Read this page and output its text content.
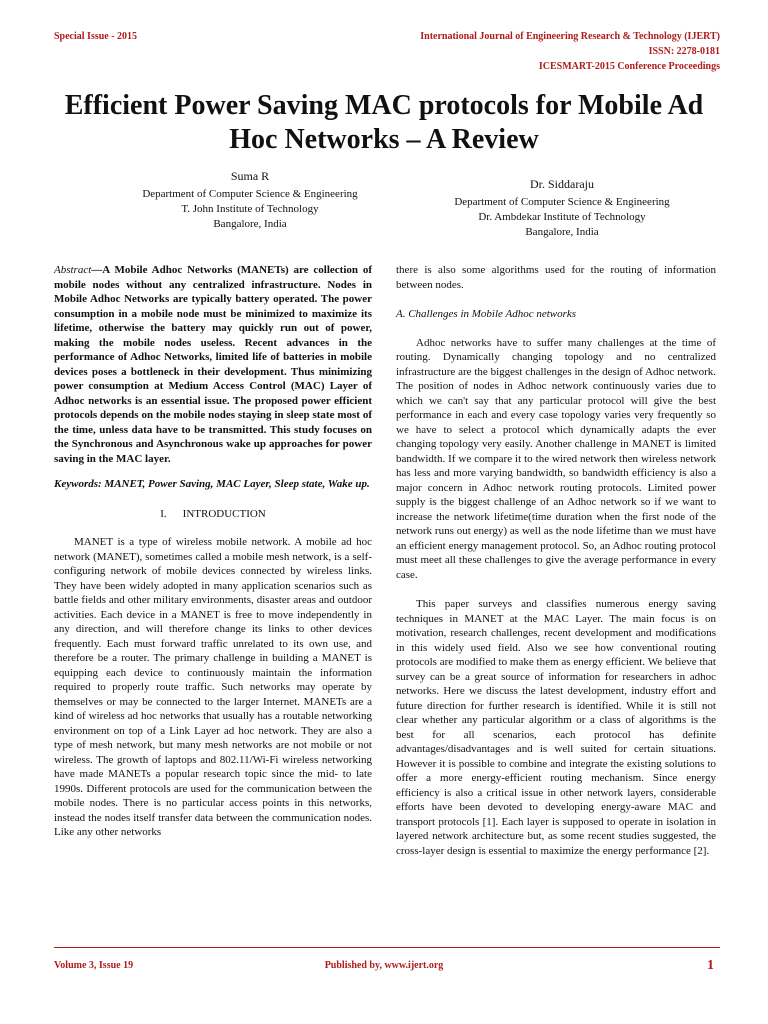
Special Issue - 2015	International Journal of Engineering Research & Technology (IJERT)
ISSN: 2278-0181
ICESMART-2015 Conference Proceedings
Efficient Power Saving MAC protocols for Mobile Ad Hoc Networks – A Review
Suma R
Department of Computer Science & Engineering
T. John Institute of Technology
Bangalore, India
Dr. Siddaraju
Department of Computer Science & Engineering
Dr. Ambdekar Institute of Technology
Bangalore, India

Abstract—A Mobile Adhoc Networks (MANETs) are collection of mobile nodes without any centralized infrastructure. Nodes in Mobile Adhoc Networks are typically battery operated. The power consumption in a mobile node must be minimized to maximize its lifetime, otherwise the battery may quickly run out of power, making the mobile nodes useless. Recent advances in the performance of Adhoc Networks, limited life of batteries in mobile devices poses a bottleneck in their development. Thus minimizing power consumption at Medium Access Control (MAC) Layer of Adhoc networks is an essential issue. The proposed power efficient protocols depends on the mobile nodes staying in sleep state most of the time, unless data have to be transmitted. This study focuses on the Synchronous and Asynchronous wake up approaches for power saving in the MAC layer.

Keywords: MANET, Power Saving, MAC Layer, Sleep state, Wake up.

I. INTRODUCTION

MANET is a type of wireless mobile network. A mobile ad hoc network (MANET), sometimes called a mobile mesh network, is a self-configuring network of mobile devices connected by wireless links. They have been widely adopted in many application scenarios such as battle fields and other military environments, disaster areas and outdoor activities. Each device in a MANET is free to move independently in any direction, and will therefore change its links to other devices frequently. Each must forward traffic unrelated to its own use, and therefore be a router. The primary challenge in building a MANET is equipping each device to continuously maintain the information required to properly route traffic. Such networks may operate by themselves or may be connected to the larger Internet. MANETs are a kind of wireless ad hoc networks that usually has a routable networking environment on top of a Link Layer ad hoc network. They are also a type of mesh network, but many mesh networks are not mobile or not wireless. The growth of laptops and 802.11/Wi-Fi wireless networking have made MANETs a popular research topic since the mid- to late 1990s. Different protocols are used for the communication between the mobile nodes. There is no particular access points in this networks, instead the nodes itself transfer data between the communication nodes. Like any other networks

there is also some algorithms used for the routing of information between nodes.

A. Challenges in Mobile Adhoc networks

Adhoc networks have to suffer many challenges at the time of routing. Dynamically changing topology and no centralized infrastructure are the biggest challenges in the design of Adhoc network. The position of nodes in Adhoc network continuously varies due to which we can't say that any particular protocol will give the best performance in each and every case topology varies very frequently so we have to select a protocol which dynamically adapts the ever changing topology very easily. Another challenge in MANET is limited bandwidth. If we compare it to the wired network then wireless network has less and more varying bandwidth, so bandwidth efficiency is also a major concern in Adhoc network routing protocols. Limited power supply is the biggest challenge of an Adhoc network so if we want to increase the network lifetime(time duration when the first node of the network runs out energy) as well as the node lifetime than we must have an efficient energy management protocol. So, an Adhoc routing protocol must meet all these challenges to give the average performance in every case.

This paper surveys and classifies numerous energy saving techniques in MANET at the MAC Layer. The main focus is on motivation, research challenges, recent development and modifications in this widely used field. Also we see how conventional routing protocols are modified to make them as energy efficient. We believe that survey can be a great source of information for researchers in adhoc networks. Here we discuss the latest development, industry effort and future direction for further research is identified. While it is still not clear whether any particular algorithm or a class of algorithms is the best for all scenarios, each protocol has definite advantages/disadvantages and is well suited for certain situations. However it is possible to combine and integrate the existing solutions to offer a more energy-efficient routing mechanism. Since energy efficiency is also a critical issue in other network layers, considerable efforts have been devoted to developing energy-aware MAC and transport protocols [1]. Each layer is supposed to operate in isolation in layered network architecture but, as some recent studies suggested, the cross-layer design is essential to maximize the energy performance [2].

Volume 3, Issue 19	Published by, www.ijert.org	1
